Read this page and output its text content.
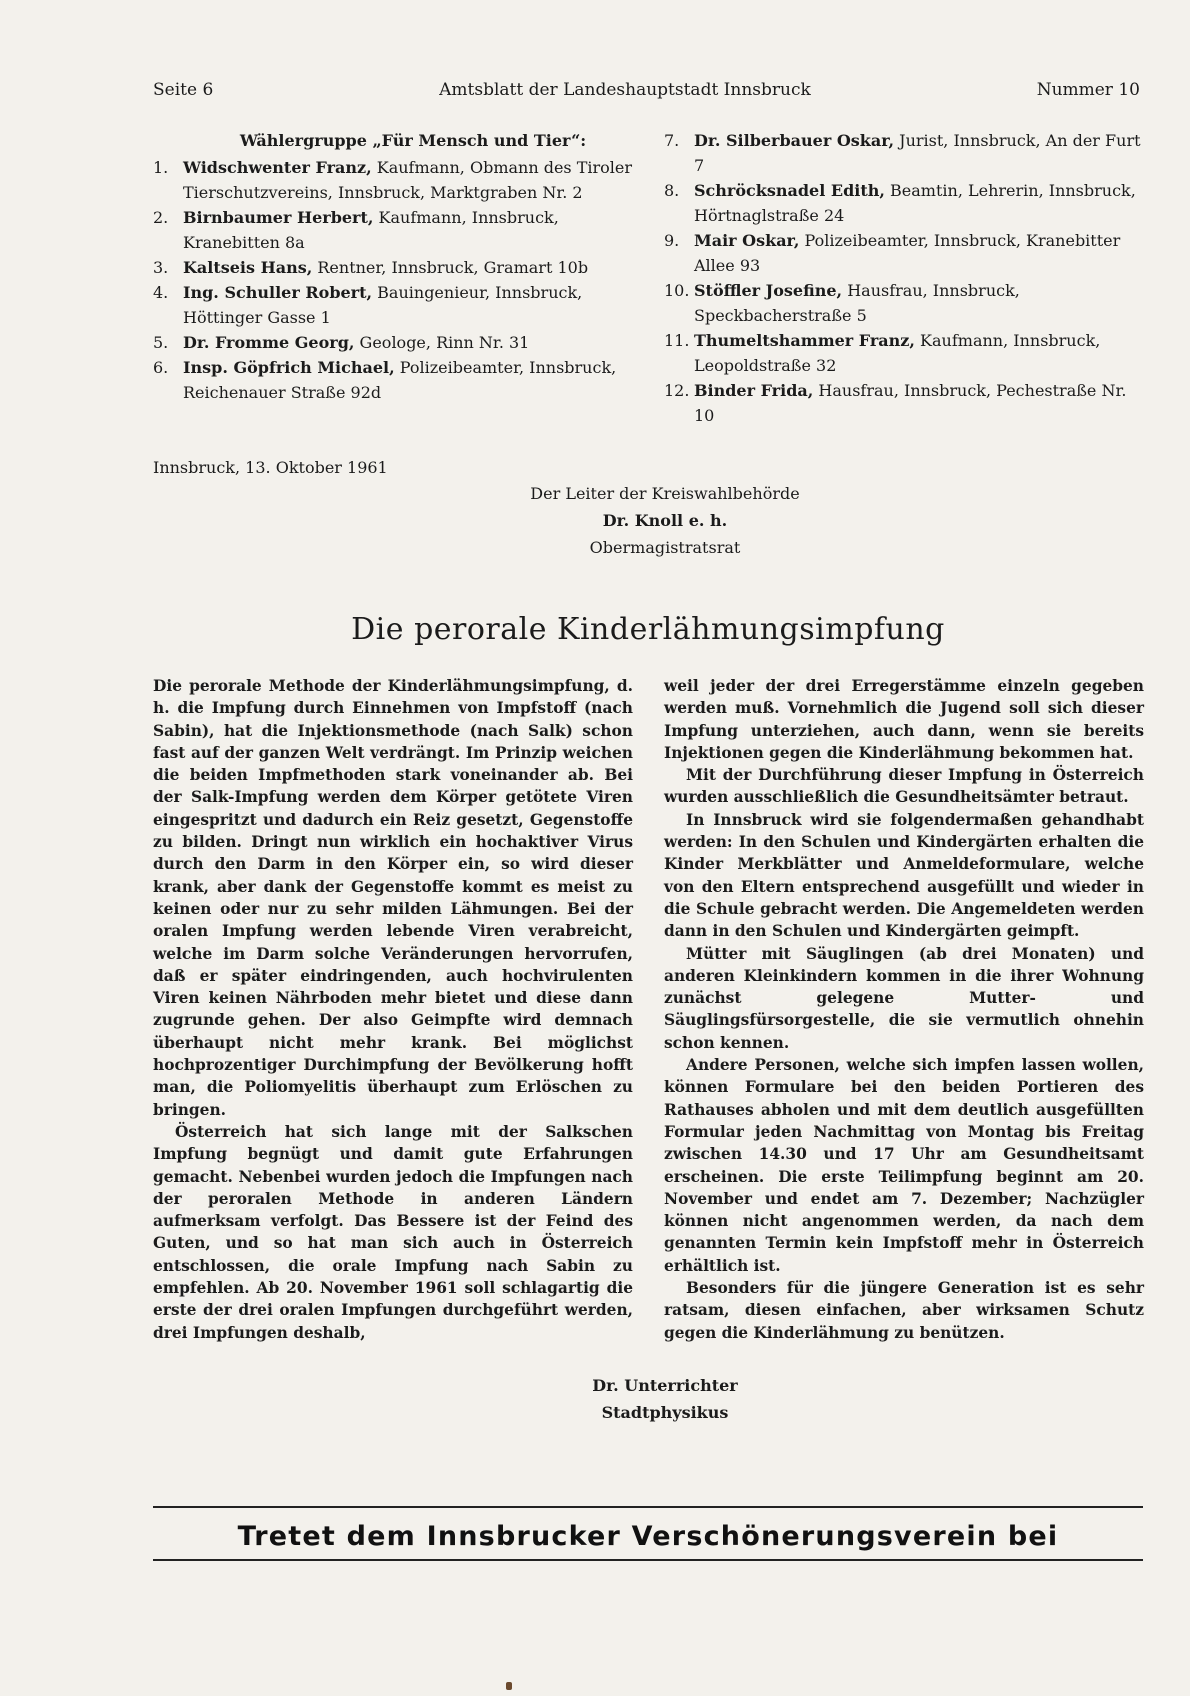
Seite 6	Amtsblatt der Landeshauptstadt Innsbruck	Nummer 10
Wählergruppe „Für Mensch und Tier“:
1. Widschwenter Franz, Kaufmann, Obmann des Tiroler Tierschutzvereins, Innsbruck, Marktgraben Nr. 2
2. Birnbaumer Herbert, Kaufmann, Innsbruck, Kranebitten 8a
3. Kaltseis Hans, Rentner, Innsbruck, Gramart 10b
4. Ing. Schuller Robert, Bauingenieur, Innsbruck, Höttinger Gasse 1
5. Dr. Fromme Georg, Geologe, Rinn Nr. 31
6. Insp. Göpfrich Michael, Polizeibeamter, Innsbruck, Reichenauer Straße 92d
7. Dr. Silberbauer Oskar, Jurist, Innsbruck, An der Furt 7
8. Schröcksnadel Edith, Beamtin, Lehrerin, Innsbruck, Hörtnaglstraße 24
9. Mair Oskar, Polizeibeamter, Innsbruck, Kranebitter Allee 93
10. Stöffler Josefine, Hausfrau, Innsbruck, Speckbacherstraße 5
11. Thumeltshammer Franz, Kaufmann, Innsbruck, Leopoldstraße 32
12. Binder Frida, Hausfrau, Innsbruck, Pechestraße Nr. 10
Innsbruck, 13. Oktober 1961
Der Leiter der Kreiswahlbehörde
Dr. Knoll e. h.
Obermagistratsrat
Die perorale Kinderlähmungsimpfung

Die perorale Methode der Kinderlähmungsimpfung, d. h. die Impfung durch Einnehmen von Impfstoff (nach Sabin), hat die Injektionsmethode (nach Salk) schon fast auf der ganzen Welt verdrängt. Im Prinzip weichen die beiden Impfmethoden stark voneinander ab. Bei der Salk-Impfung werden dem Körper getötete Viren eingespritzt und dadurch ein Reiz gesetzt, Gegenstoffe zu bilden. Dringt nun wirklich ein hochaktiver Virus durch den Darm in den Körper ein, so wird dieser krank, aber dank der Gegenstoffe kommt es meist zu keinen oder nur zu sehr milden Lähmungen. Bei der oralen Impfung werden lebende Viren verabreicht, welche im Darm solche Veränderungen hervorrufen, daß er später eindringenden, auch hochvirulenten Viren keinen Nährboden mehr bietet und diese dann zugrunde gehen. Der also Geimpfte wird demnach überhaupt nicht mehr krank. Bei möglichst hochprozentiger Durchimpfung der Bevölkerung hofft man, die Poliomyelitis überhaupt zum Erlöschen zu bringen.

Österreich hat sich lange mit der Salkschen Impfung begnügt und damit gute Erfahrungen gemacht. Nebenbei wurden jedoch die Impfungen nach der peroralen Methode in anderen Ländern aufmerksam verfolgt. Das Bessere ist der Feind des Guten, und so hat man sich auch in Österreich entschlossen, die orale Impfung nach Sabin zu empfehlen. Ab 20. November 1961 soll schlagartig die erste der drei oralen Impfungen durchgeführt werden, drei Impfungen deshalb,

weil jeder der drei Erregerstämme einzeln gegeben werden muß. Vornehmlich die Jugend soll sich dieser Impfung unterziehen, auch dann, wenn sie bereits Injektionen gegen die Kinderlähmung bekommen hat.

Mit der Durchführung dieser Impfung in Österreich wurden ausschließlich die Gesundheitsämter betraut.

In Innsbruck wird sie folgendermaßen gehandhabt werden: In den Schulen und Kindergärten erhalten die Kinder Merkblätter und Anmeldeformulare, welche von den Eltern entsprechend ausgefüllt und wieder in die Schule gebracht werden. Die Angemeldeten werden dann in den Schulen und Kindergärten geimpft.

Mütter mit Säuglingen (ab drei Monaten) und anderen Kleinkindern kommen in die ihrer Wohnung zunächst gelegene Mutter- und Säuglingsfürsorgestelle, die sie vermutlich ohnehin schon kennen.

Andere Personen, welche sich impfen lassen wollen, können Formulare bei den beiden Portieren des Rathauses abholen und mit dem deutlich ausgefüllten Formular jeden Nachmittag von Montag bis Freitag zwischen 14.30 und 17 Uhr am Gesundheitsamt erscheinen. Die erste Teilimpfung beginnt am 20. November und endet am 7. Dezember; Nachzügler können nicht angenommen werden, da nach dem genannten Termin kein Impfstoff mehr in Österreich erhältlich ist.

Besonders für die jüngere Generation ist es sehr ratsam, diesen einfachen, aber wirksamen Schutz gegen die Kinderlähmung zu benützen.

Dr. Unterrichter
Stadtphysikus
Tretet dem Innsbrucker Verschönerungsverein bei
